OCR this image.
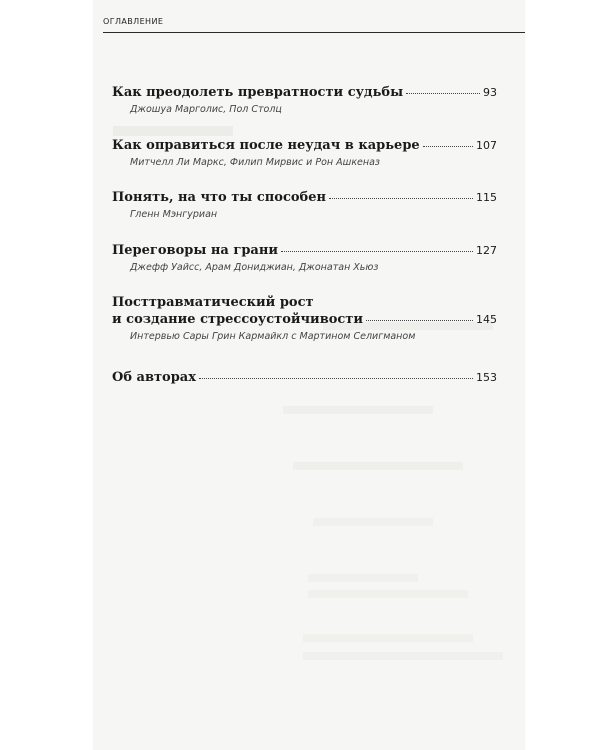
ОГЛАВЛЕНИЕ
Как преодолеть превратности судьбы	93
Джошуа Марголис, Пол Столц
Как оправиться после неудач в карьере	107
Митчелл Ли Маркс, Филип Мирвис и Рон Ашкеназ
Понять, на что ты способен	115
Гленн Мэнгуриан
Переговоры на грани	127
Джефф Уайсс, Арам Дониджиан, Джонатан Хьюз
Посттравматический рост
и создание стрессоустойчивости	145
Интервью Сары Грин Кармайкл с Мартином Селигманом
Об авторах	153
